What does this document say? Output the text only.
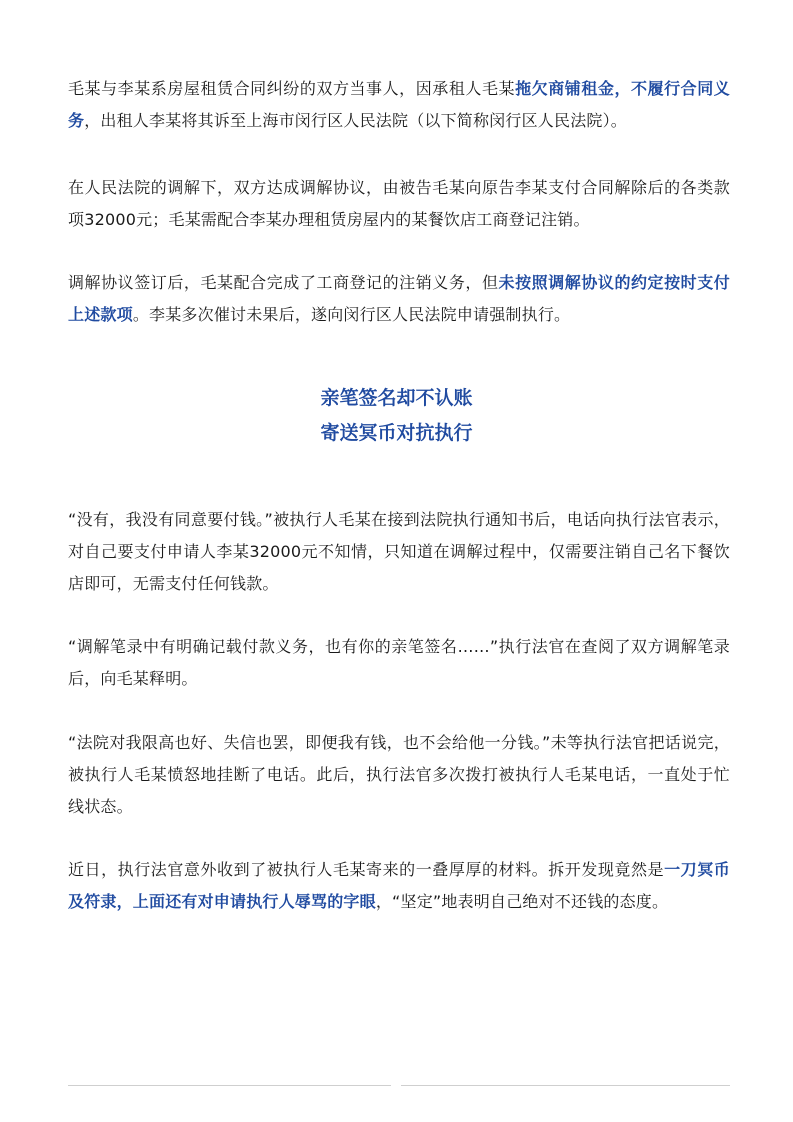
毛某与李某系房屋租赁合同纠纷的双方当事人，因承租人毛某拖欠商铺租金，不履行合同义务，出租人李某将其诉至上海市闵行区人民法院（以下简称闵行区人民法院）。

在人民法院的调解下，双方达成调解协议，由被告毛某向原告李某支付合同解除后的各类款项32000元；毛某需配合李某办理租赁房屋内的某餐饮店工商登记注销。

调解协议签订后，毛某配合完成了工商登记的注销义务，但未按照调解协议的约定按时支付上述款项。李某多次催讨未果后，遂向闵行区人民法院申请强制执行。

亲笔签名却不认账
寄送冥币对抗执行

“没有，我没有同意要付钱。”被执行人毛某在接到法院执行通知书后，电话向执行法官表示，对自己要支付申请人李某32000元不知情，只知道在调解过程中，仅需要注销自己名下餐饮店即可，无需支付任何钱款。

“调解笔录中有明确记载付款义务，也有你的亲笔签名……”执行法官在查阅了双方调解笔录后，向毛某释明。

“法院对我限高也好、失信也罢，即便我有钱，也不会给他一分钱。”未等执行法官把话说完，被执行人毛某愤怒地挂断了电话。此后，执行法官多次拨打被执行人毛某电话，一直处于忙线状态。

近日，执行法官意外收到了被执行人毛某寄来的一叠厚厚的材料。拆开发现竟然是一刀冥币及符隶，上面还有对申请执行人辱骂的字眼，“坚定”地表明自己绝对不还钱的态度。
